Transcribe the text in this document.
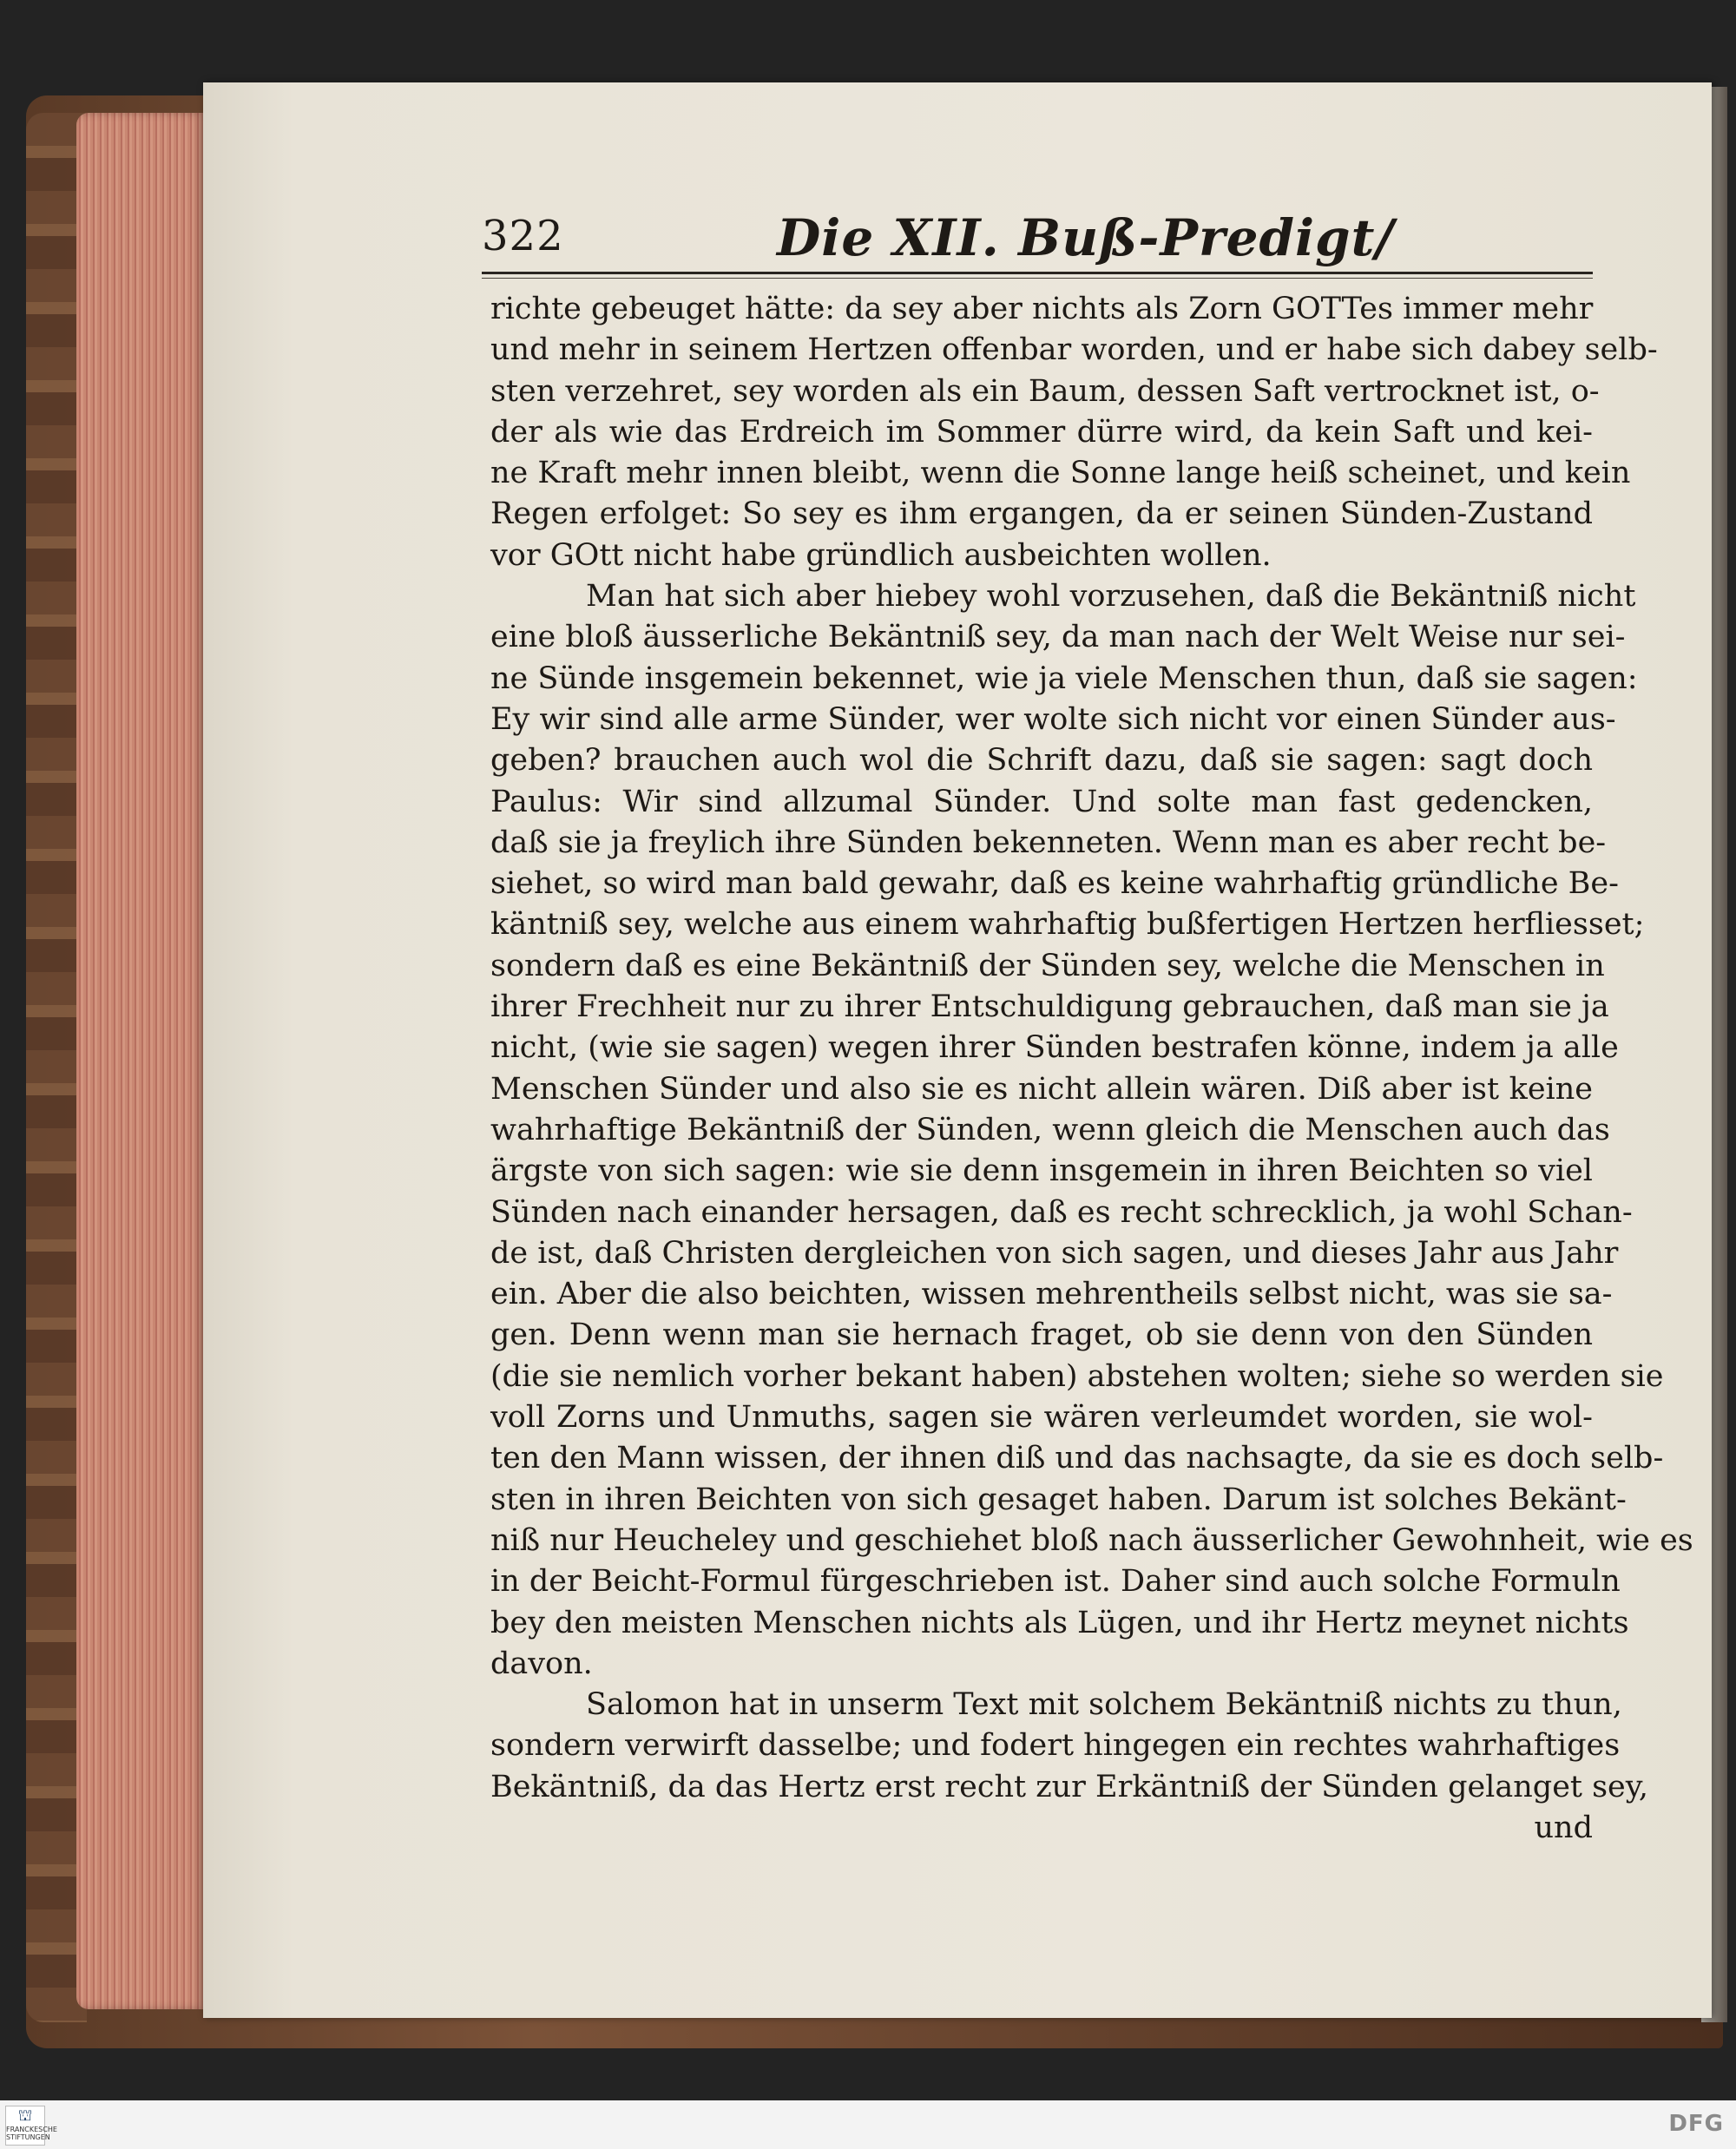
322	Die XII. Buß-Predigt/
richte gebeuget hätte: da sey aber nichts als Zorn GOTTes immer mehr
und mehr in seinem Hertzen offenbar worden, und er habe sich dabey selb-
sten verzehret, sey worden als ein Baum, dessen Saft vertrocknet ist, o-
der als wie das Erdreich im Sommer dürre wird, da kein Saft und kei-
ne Kraft mehr innen bleibt, wenn die Sonne lange heiß scheinet, und kein
Regen erfolget: So sey es ihm ergangen, da er seinen Sünden-Zustand
vor GOtt nicht habe gründlich ausbeichten wollen.
Man hat sich aber hiebey wohl vorzusehen, daß die Bekäntniß nicht
eine bloß äusserliche Bekäntniß sey, da man nach der Welt Weise nur sei-
ne Sünde insgemein bekennet, wie ja viele Menschen thun, daß sie sagen:
Ey wir sind alle arme Sünder, wer wolte sich nicht vor einen Sünder aus-
geben? brauchen auch wol die Schrift dazu, daß sie sagen: sagt doch
Paulus: Wir sind allzumal Sünder. Und solte man fast gedencken,
daß sie ja freylich ihre Sünden bekenneten. Wenn man es aber recht be-
siehet, so wird man bald gewahr, daß es keine wahrhaftig gründliche Be-
käntniß sey, welche aus einem wahrhaftig bußfertigen Hertzen herfliesset;
sondern daß es eine Bekäntniß der Sünden sey, welche die Menschen in
ihrer Frechheit nur zu ihrer Entschuldigung gebrauchen, daß man sie ja
nicht, (wie sie sagen) wegen ihrer Sünden bestrafen könne, indem ja alle
Menschen Sünder und also sie es nicht allein wären. Diß aber ist keine
wahrhaftige Bekäntniß der Sünden, wenn gleich die Menschen auch das
ärgste von sich sagen: wie sie denn insgemein in ihren Beichten so viel
Sünden nach einander hersagen, daß es recht schrecklich, ja wohl Schan-
de ist, daß Christen dergleichen von sich sagen, und dieses Jahr aus Jahr
ein. Aber die also beichten, wissen mehrentheils selbst nicht, was sie sa-
gen. Denn wenn man sie hernach fraget, ob sie denn von den Sünden
(die sie nemlich vorher bekant haben) abstehen wolten; siehe so werden sie
voll Zorns und Unmuths, sagen sie wären verleumdet worden, sie wol-
ten den Mann wissen, der ihnen diß und das nachsagte, da sie es doch selb-
sten in ihren Beichten von sich gesaget haben. Darum ist solches Bekänt-
niß nur Heucheley und geschiehet bloß nach äusserlicher Gewohnheit, wie es
in der Beicht-Formul fürgeschrieben ist. Daher sind auch solche Formuln
bey den meisten Menschen nichts als Lügen, und ihr Hertz meynet nichts
davon.
Salomon hat in unserm Text mit solchem Bekäntniß nichts zu thun,
sondern verwirft dasselbe; und fodert hingegen ein rechtes wahrhaftiges
Bekäntniß, da das Hertz erst recht zur Erkäntniß der Sünden gelanget sey,
und
⛫
FRANCKESCHE STIFTUNGEN
DFG
